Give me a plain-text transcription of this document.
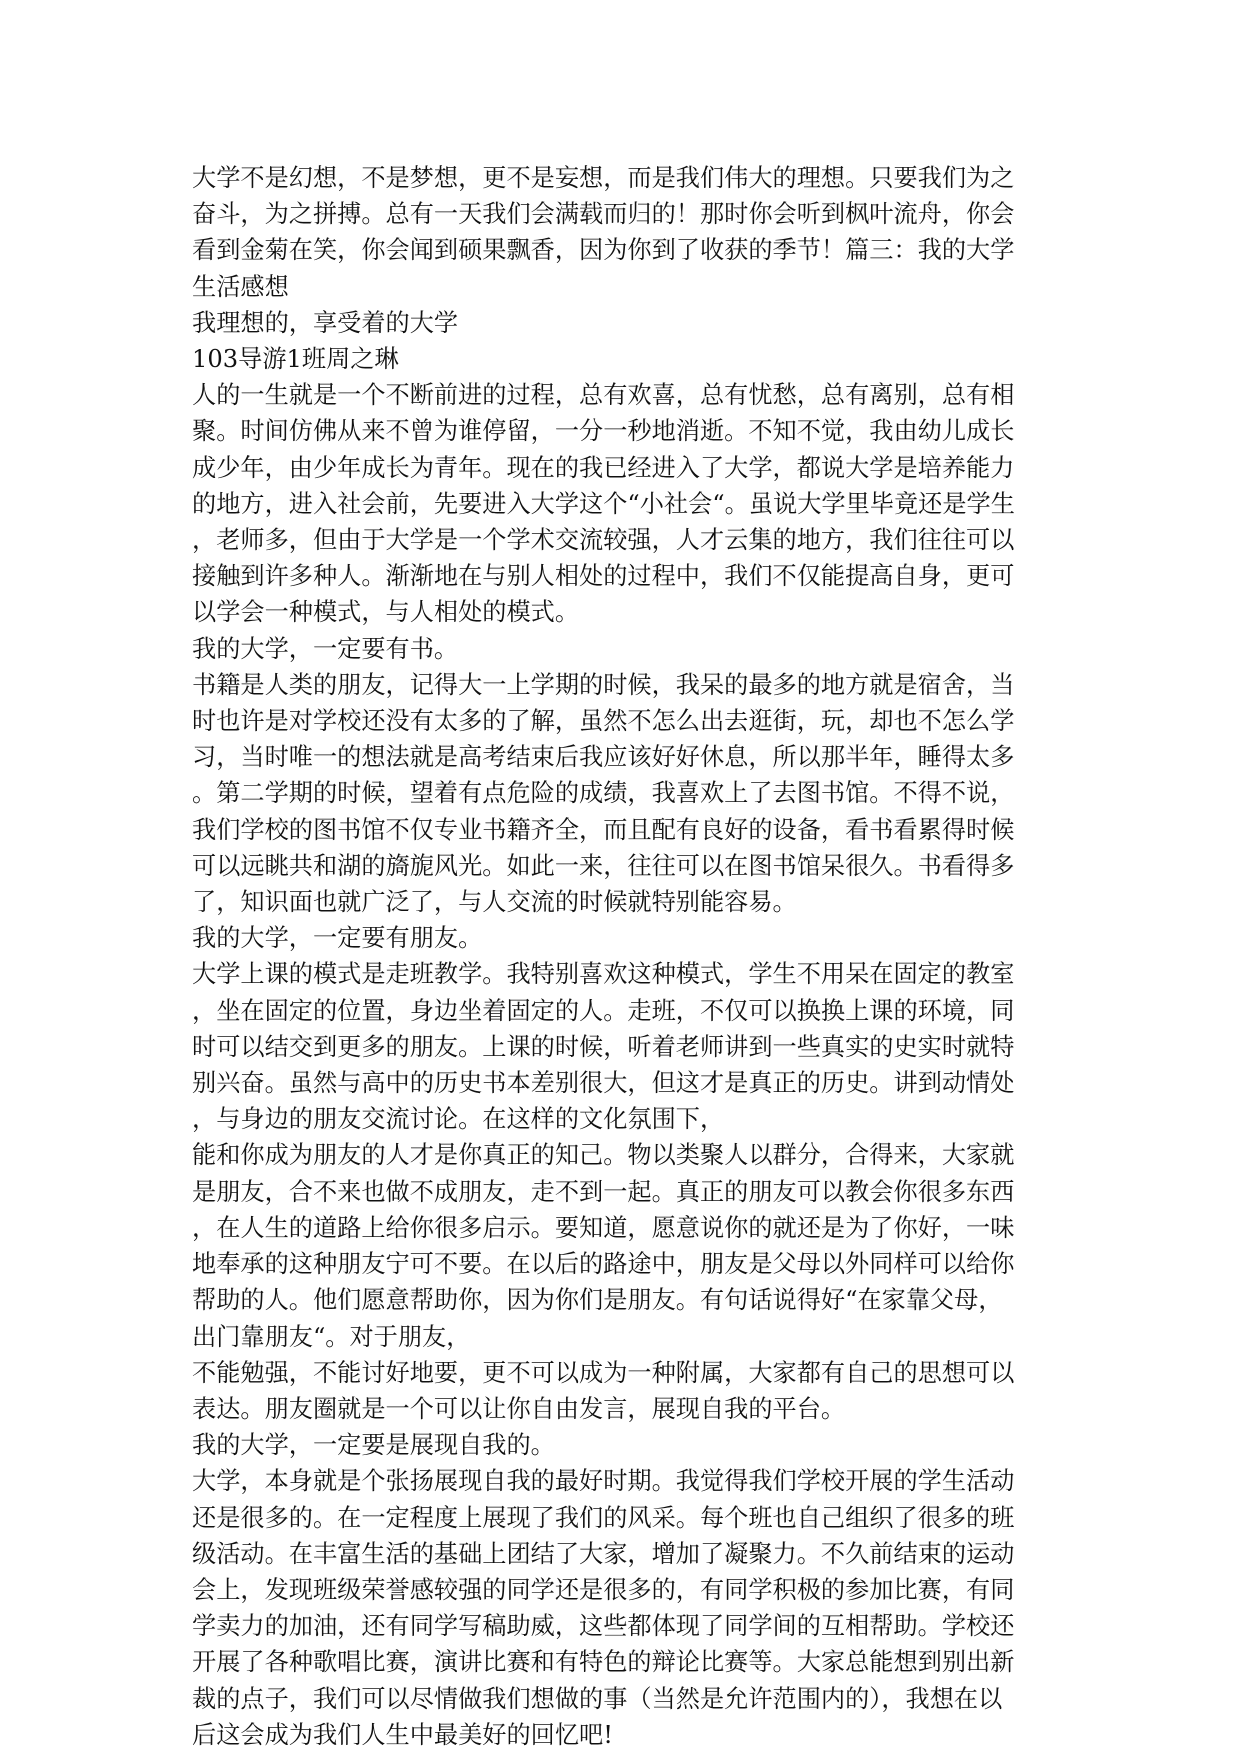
大学不是幻想，不是梦想，更不是妄想，而是我们伟大的理想。只要我们为之

奋斗，为之拼搏。总有一天我们会满载而归的！那时你会听到枫叶流舟，你会

看到金菊在笑，你会闻到硕果飘香，因为你到了收获的季节！篇三：我的大学

生活感想

我理想的，享受着的大学

103导游1班周之琳

人的一生就是一个不断前进的过程，总有欢喜，总有忧愁，总有离别，总有相

聚。时间仿佛从来不曾为谁停留，一分一秒地消逝。不知不觉，我由幼儿成长

成少年，由少年成长为青年。现在的我已经进入了大学，都说大学是培养能力

的地方，进入社会前，先要进入大学这个“小社会“。虽说大学里毕竟还是学生

，老师多，但由于大学是一个学术交流较强，人才云集的地方，我们往往可以

接触到许多种人。渐渐地在与别人相处的过程中，我们不仅能提高自身，更可

以学会一种模式，与人相处的模式。

我的大学，一定要有书。

书籍是人类的朋友，记得大一上学期的时候，我呆的最多的地方就是宿舍，当

时也许是对学校还没有太多的了解，虽然不怎么出去逛街，玩，却也不怎么学

习，当时唯一的想法就是高考结束后我应该好好休息，所以那半年，睡得太多

。第二学期的时候，望着有点危险的成绩，我喜欢上了去图书馆。不得不说，

我们学校的图书馆不仅专业书籍齐全，而且配有良好的设备，看书看累得时候

可以远眺共和湖的旖旎风光。如此一来，往往可以在图书馆呆很久。书看得多

了，知识面也就广泛了，与人交流的时候就特别能容易。

我的大学，一定要有朋友。

大学上课的模式是走班教学。我特别喜欢这种模式，学生不用呆在固定的教室

，坐在固定的位置，身边坐着固定的人。走班，不仅可以换换上课的环境，同

时可以结交到更多的朋友。上课的时候，听着老师讲到一些真实的史实时就特

别兴奋。虽然与高中的历史书本差别很大，但这才是真正的历史。讲到动情处

，与身边的朋友交流讨论。在这样的文化氛围下，

能和你成为朋友的人才是你真正的知己。物以类聚人以群分，合得来，大家就

是朋友，合不来也做不成朋友，走不到一起。真正的朋友可以教会你很多东西

，在人生的道路上给你很多启示。要知道，愿意说你的就还是为了你好，一味

地奉承的这种朋友宁可不要。在以后的路途中，朋友是父母以外同样可以给你

帮助的人。他们愿意帮助你，因为你们是朋友。有句话说得好“在家靠父母，

出门靠朋友“。对于朋友，

不能勉强，不能讨好地要，更不可以成为一种附属，大家都有自己的思想可以

表达。朋友圈就是一个可以让你自由发言，展现自我的平台。

我的大学，一定要是展现自我的。

大学，本身就是个张扬展现自我的最好时期。我觉得我们学校开展的学生活动

还是很多的。在一定程度上展现了我们的风采。每个班也自己组织了很多的班

级活动。在丰富生活的基础上团结了大家，增加了凝聚力。不久前结束的运动

会上，发现班级荣誉感较强的同学还是很多的，有同学积极的参加比赛，有同

学卖力的加油，还有同学写稿助威，这些都体现了同学间的互相帮助。学校还

开展了各种歌唱比赛，演讲比赛和有特色的辩论比赛等。大家总能想到别出新

裁的点子，我们可以尽情做我们想做的事（当然是允许范围内的），我想在以

后这会成为我们人生中最美好的回忆吧!
